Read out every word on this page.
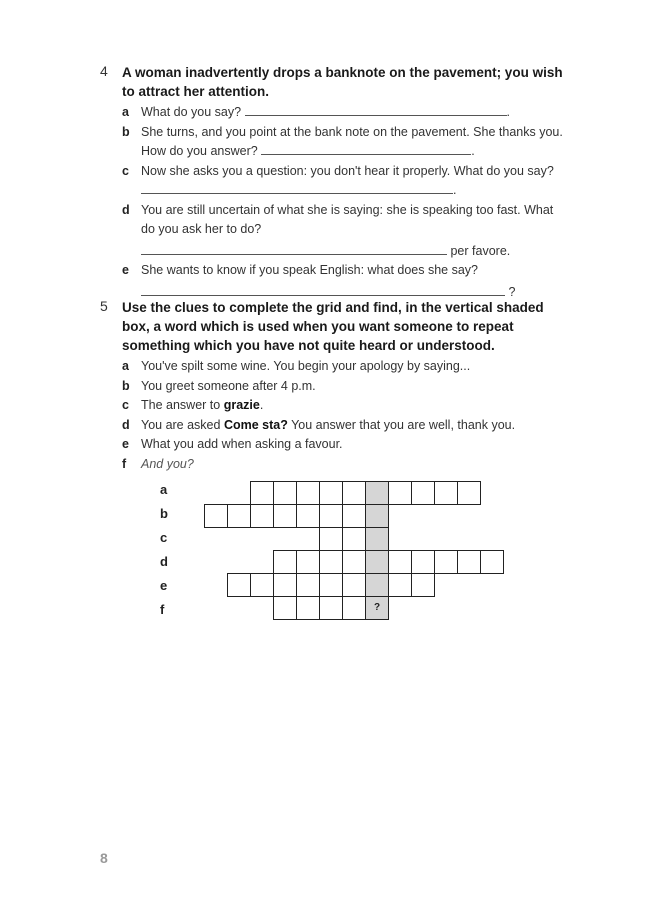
4 A woman inadvertently drops a banknote on the pavement; you wish to attract her attention.
a What do you say?	.
b She turns, and you point at the bank note on the pavement. She thanks you. How do you answer?	.
c Now she asks you a question: you don't hear it properly. What do you say? .
d You are still uncertain of what she is saying: she is speaking too fast. What do you ask her to do?
per favore.
e She wants to know if you speak English: what does she say?
?
5 Use the clues to complete the grid and find, in the vertical shaded box, a word which is used when you want someone to repeat something which you have not quite heard or understood.
a You've spilt some wine. You begin your apology by saying...
b You greet someone after 4 p.m.
c The answer to grazie.
d You are asked Come sta? You answer that you are well, thank you.
e What you add when asking a favour.
f And you?
a
b
c
d
e
f	?
8
